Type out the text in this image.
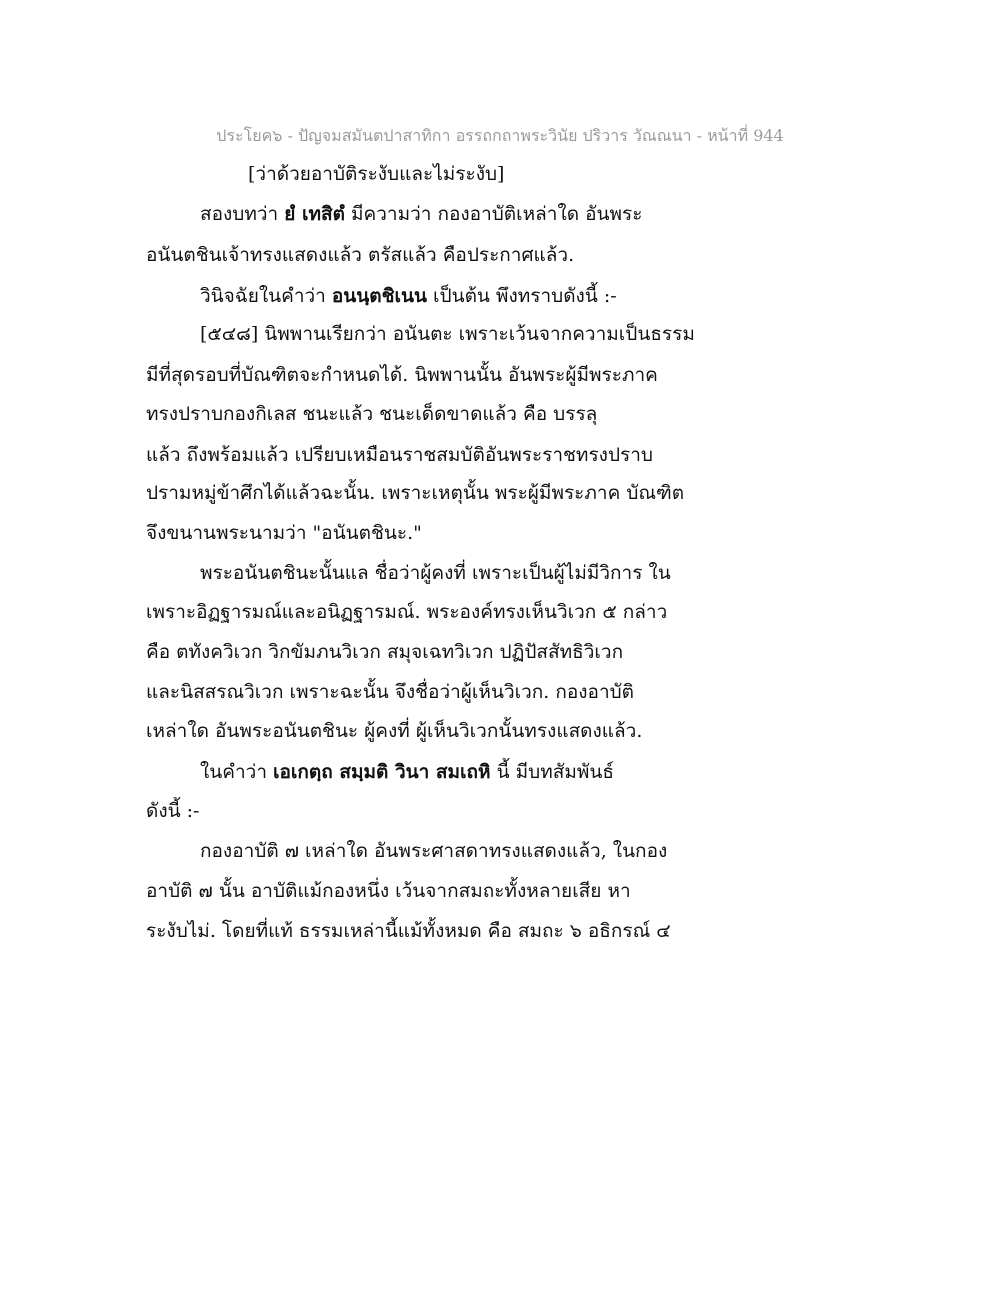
ประโยค๖ - ปัญจมสมันตปาสาทิกา อรรถกถาพระวินัย ปริวาร วัณณนา - หน้าที่ 944
[ว่าด้วยอาบัติระงับและไม่ระงับ]
สองบทว่า ยํ เทสิตํ มีความว่า กองอาบัติเหล่าใด อันพระ
อนันตชินเจ้าทรงแสดงแล้ว ตรัสแล้ว คือประกาศแล้ว.
วินิจฉัยในคำว่า อนนฺตชิเนน เป็นต้น พึงทราบดังนี้ :-
[๕๔๘] นิพพานเรียกว่า อนันตะ เพราะเว้นจากความเป็นธรรม
มีที่สุดรอบที่บัณฑิตจะกำหนดได้. นิพพานนั้น อันพระผู้มีพระภาค
ทรงปราบกองกิเลส ชนะแล้ว ชนะเด็ดขาดแล้ว คือ บรรลุ
แล้ว ถึงพร้อมแล้ว เปรียบเหมือนราชสมบัติอันพระราชทรงปราบ
ปรามหมู่ข้าศึกได้แล้วฉะนั้น. เพราะเหตุนั้น พระผู้มีพระภาค บัณฑิต
จึงขนานพระนามว่า "อนันตชินะ."
พระอนันตชินะนั้นแล ชื่อว่าผู้คงที่ เพราะเป็นผู้ไม่มีวิการ ใน
เพราะอิฏฐารมณ์และอนิฏฐารมณ์. พระองค์ทรงเห็นวิเวก ๕ กล่าว
คือ ตทังควิเวก วิกขัมภนวิเวก สมุจเฉทวิเวก ปฏิปัสสัทธิวิเวก
และนิสสรณวิเวก เพราะฉะนั้น จึงชื่อว่าผู้เห็นวิเวก. กองอาบัติ
เหล่าใด อันพระอนันตชินะ ผู้คงที่ ผู้เห็นวิเวกนั้นทรงแสดงแล้ว.
ในคำว่า เอเกตฺถ สมฺมติ วินา สมเถหิ นี้ มีบทสัมพันธ์
ดังนี้ :-
กองอาบัติ ๗ เหล่าใด อันพระศาสดาทรงแสดงแล้ว, ในกอง
อาบัติ ๗ นั้น อาบัติแม้กองหนึ่ง เว้นจากสมถะทั้งหลายเสีย หา
ระงับไม่. โดยที่แท้ ธรรมเหล่านี้แม้ทั้งหมด คือ สมถะ ๖ อธิกรณ์ ๔
